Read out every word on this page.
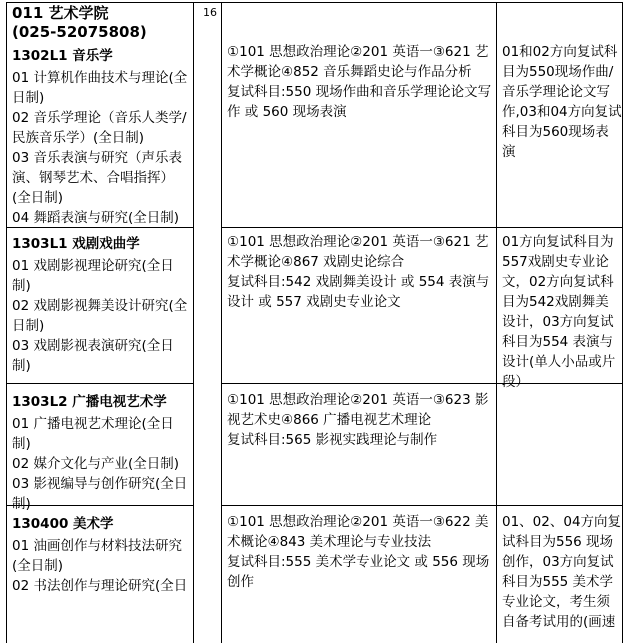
16
011 艺术学院
(025-52075808)
1302L1 音乐学
01 计算机作曲技术与理论(全日制)
02 音乐学理论（音乐人类学/民族音乐学）(全日制)
03 音乐表演与研究（声乐表演、钢琴艺术、合唱指挥）(全日制)
04 舞蹈表演与研究(全日制)
①101 思想政治理论②201 英语一③621 艺术学概论④852 音乐舞蹈史论与作品分析
复试科目:550 现场作曲和音乐学理论论文写作 或 560 现场表演
01和02方向复试科目为550现场作曲/音乐学理论论文写作,03和04方向复试科目为560现场表演
1303L1 戏剧戏曲学
01 戏剧影视理论研究(全日制)
02 戏剧影视舞美设计研究(全日制)
03 戏剧影视表演研究(全日制)
①101 思想政治理论②201 英语一③621 艺术学概论④867 戏剧史论综合
复试科目:542 戏剧舞美设计 或 554 表演与设计 或 557 戏剧史专业论文
01方向复试科目为557戏剧史专业论文，02方向复试科目为542戏剧舞美设计，03方向复试科目为554 表演与设计(单人小品或片段）
1303L2 广播电视艺术学
01 广播电视艺术理论(全日制)
02 媒介文化与产业(全日制)
03 影视编导与创作研究(全日制)
①101 思想政治理论②201 英语一③623 影视艺术史④866 广播电视艺术理论
复试科目:565 影视实践理论与制作
130400 美术学
01 油画创作与材料技法研究(全日制)
02 书法创作与理论研究(全日
①101 思想政治理论②201 英语一③622 美术概论④843 美术理论与专业技法
复试科目:555 美术学专业论文 或 556 现场创作
01、02、04方向复试科目为556 现场创作，03方向复试科目为555 美术学专业论文，考生须自备考试用的(画速
